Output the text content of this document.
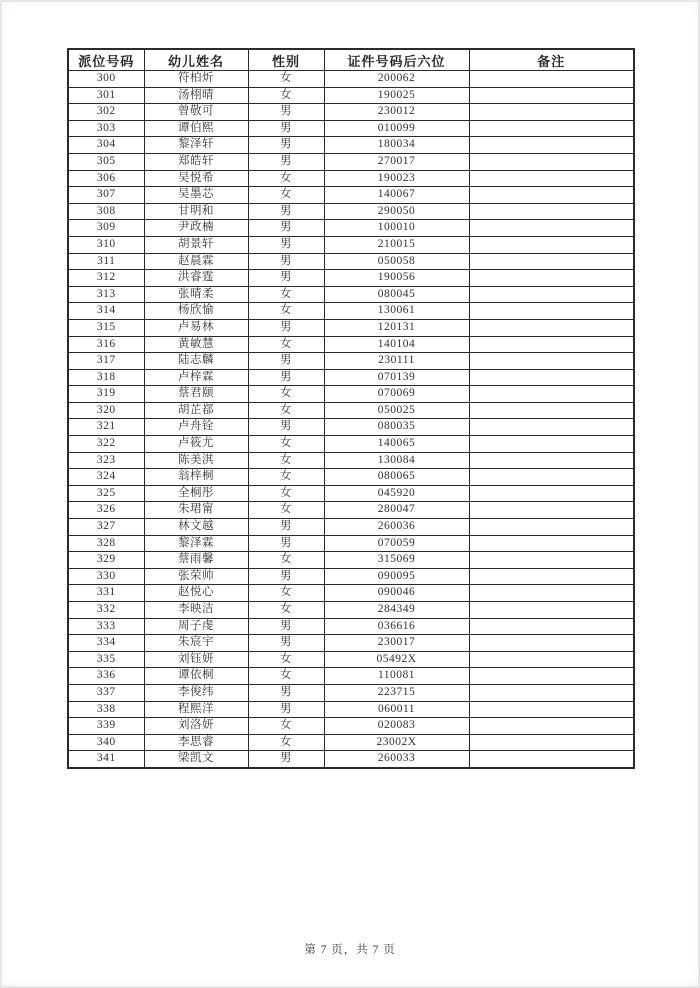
派位号码	幼儿姓名	性别	证件号码后六位	备注
300	符柏炘	女	200062	
301	汤栩晴	女	190025	
302	曾敬可	男	230012	
303	谭伯熙	男	010099	
304	黎泽轩	男	180034	
305	郑皓轩	男	270017	
306	吴悦希	女	190023	
307	吴墨芯	女	140067	
308	甘明和	男	290050	
309	尹政楠	男	100010	
310	胡景轩	男	210015	
311	赵晨霖	男	050058	
312	洪睿霆	男	190056	
313	张晴柔	女	080045	
314	杨欣愉	女	130061	
315	卢易林	男	120131	
316	黄敏慧	女	140104	
317	陆志麟	男	230111	
318	卢梓霖	男	070139	
319	蔡君颐	女	070069	
320	胡芷鄀	女	050025	
321	卢舟铨	男	080035	
322	卢筱尤	女	140065	
323	陈美淇	女	130084	
324	翁梓桐	女	080065	
325	全桐彤	女	045920	
326	朱珺甯	女	280047	
327	林文越	男	260036	
328	黎泽霖	男	070059	
329	蔡雨馨	女	315069	
330	张荣帅	男	090095	
331	赵悦心	女	090046	
332	李映洁	女	284349	
333	周子虔	男	036616	
334	朱宸宇	男	230017	
335	刘钰妍	女	05492X	
336	谭依桐	女	110081	
337	李俊纬	男	223715	
338	程熙洋	男	060011	
339	刘洛妍	女	020083	
340	李思睿	女	23002X	
341	梁凯文	男	260033	
第 7 页，共 7 页
